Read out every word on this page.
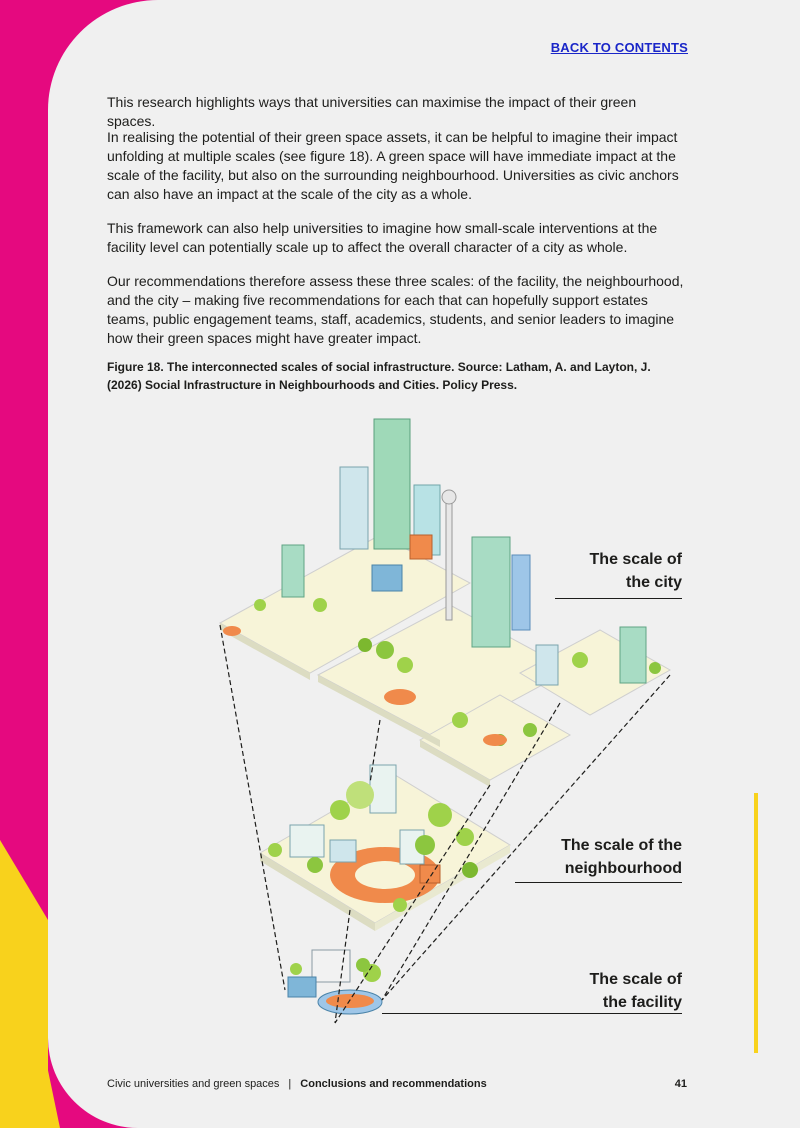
BACK TO CONTENTS

This research highlights ways that universities can maximise the impact of their green spaces.

In realising the potential of their green space assets, it can be helpful to imagine their impact unfolding at multiple scales (see figure 18). A green space will have immediate impact at the scale of the facility, but also on the surrounding neighbourhood. Universities as civic anchors can also have an impact at the scale of the city as a whole.

This framework can also help universities to imagine how small-scale interventions at the facility level can potentially scale up to affect the overall character of a city as whole.

Our recommendations therefore assess these three scales: of the facility, the neighbourhood, and the city – making five recommendations for each that can hopefully support estates teams, public engagement teams, staff, academics, students, and senior leaders to imagine how their green spaces might have greater impact.

Figure 18. The interconnected scales of social infrastructure. Source: Latham, A. and Layton, J. (2026) Social Infrastructure in Neighbourhoods and Cities. Policy Press.

The scale of
the city
The scale of the
neighbourhood
The scale of
the facility
Civic universities and green spaces | Conclusions and recommendations	41
